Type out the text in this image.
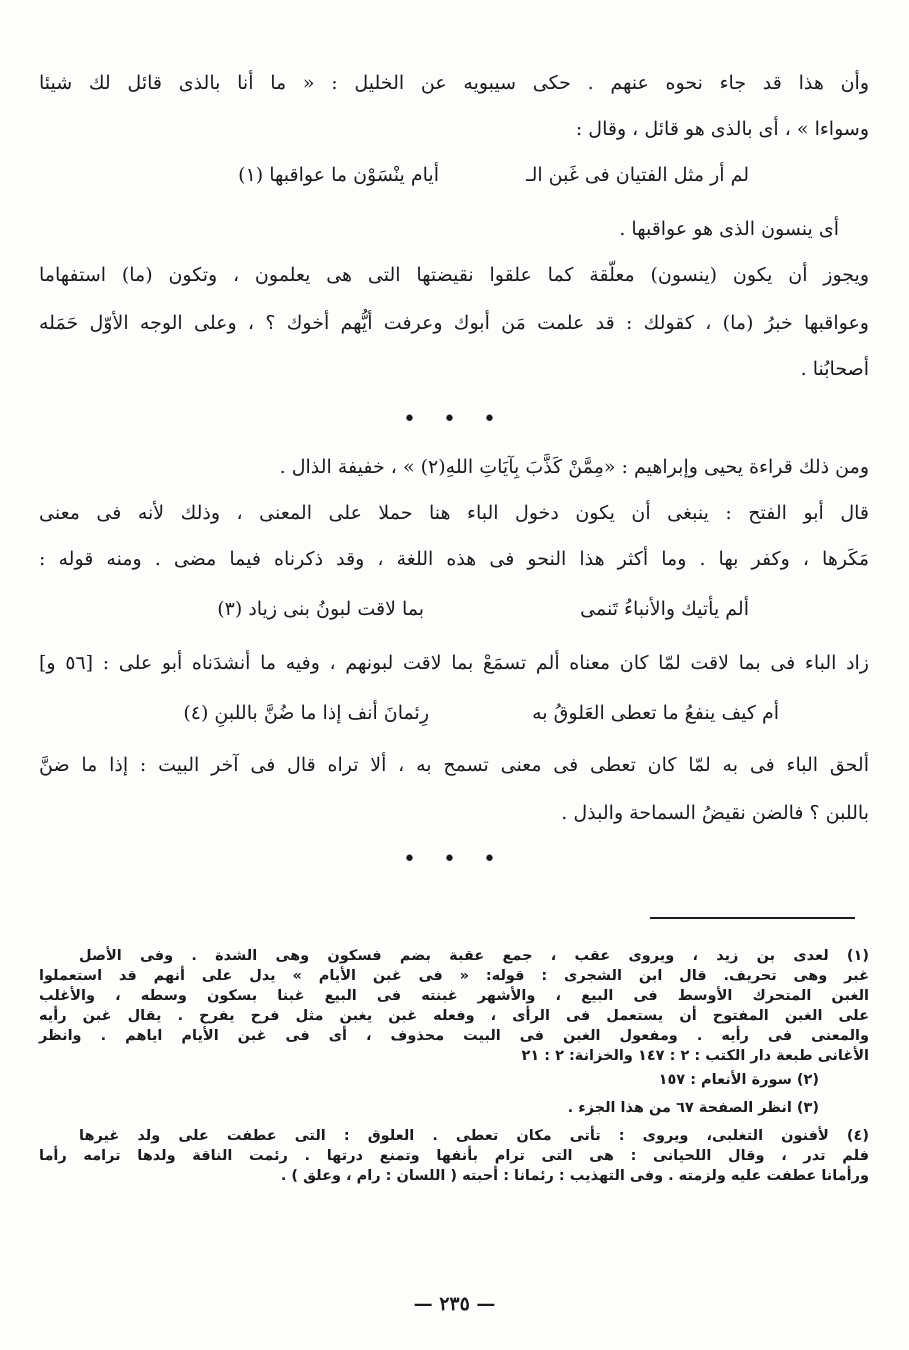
وأن هذا قد جاء نحوه عنهم . حكى سيبويه عن الخليل : « ما أنا بالذى قائل لك شيئا
وسواءا » ، أى بالذى هو قائل ، وقال :
لم أر مثل الفتيان فى غَبن الـ
أيام ينْسَوْن ما عواقبها (١)
أى ينسون الذى هو عواقبها .
ويجوز أن يكون (ينسون) معلّقة كما علقوا نقيضتها التى هى يعلمون ، وتكون (ما) استفهاما
وعواقبها خبرُ (ما) ، كقولك : قد علمت مَن أبوك وعرفت أيُّهم أخوك ؟ ، وعلى الوجه الأوّل حَمَله
أصحابُنا .
• • •
ومن ذلك قراءة يحيى وإبراهيم : «مِمَّنْ كَذَّبَ بِآيَاتِ اللهِ(٢) » ، خفيفة الذال .
قال أبو الفتح : ينبغى أن يكون دخول الباء هنا حملا على المعنى ، وذلك لأنه فى معنى
مَكَرها ، وكفر بها . وما أكثر هذا النحو فى هذه اللغة ، وقد ذكرناه فيما مضى . ومنه قوله :
ألم يأتيك والأنباءُ تَنمى
بما لاقت لبونُ بنى زياد (٣)
زاد الباء فى بما لاقت لمّا كان معناه ألم تسمَعْ بما لاقت لبونهم ، وفيه ما أنشدَناه أبو على : [٥٦ و]
أم كيف ينفعُ ما تعطى العَلوقُ به
رِئمانَ أنف إذا ما ضُنَّ باللبنِ (٤)
ألحق الباء فى به لمّا كان تعطى فى معنى تسمح به ، ألا تراه قال فى آخر البيت : إذا ما ضنَّ
باللبن ؟ فالضن نقيضُ السماحة والبذل .
• • •
(١) لعدى بن زيد ، ويروى عقب ، جمع عقبة بضم فسكون وهى الشدة . وفى الأصل
غبر وهى تحريف. قال ابن الشجرى : قوله: « فى غبن الأيام » يدل على أنهم قد استعملوا
الغبن المتحرك الأوسط فى البيع ، والأشهر غبنته فى البيع غبنا بسكون وسطه ، والأغلب
على الغبن المفتوح أن يستعمل فى الرأى ، وفعله غبن يغبن مثل فرح يفرح . يقال غبن رأيه
والمعنى فى رأيه . ومفعول الغبن فى البيت محذوف ، أى فى غبن الأيام اياهم . وانظر
الأغانى طبعة دار الكتب : ٢ : ١٤٧ والخزانة: ٢ : ٢١
(٢) سورة الأنعام : ١٥٧
(٣) انظر الصفحة ٦٧ من هذا الجزء .
(٤) لأفنون التغلبى، ويروى : تأتى مكان تعطى . العلوق : التى عطفت على ولد غيرها
فلم تدر ، وقال اللحيانى : هى التى ترام بأنفها وتمنع درتها . رئمت الناقة ولدها ترامه رأما
ورأمانا عطفت عليه ولزمته . وفى التهذيب : رئمانا : أحبته ( اللسان : رام ، وعلق ) .
— ٢٣٥ —
